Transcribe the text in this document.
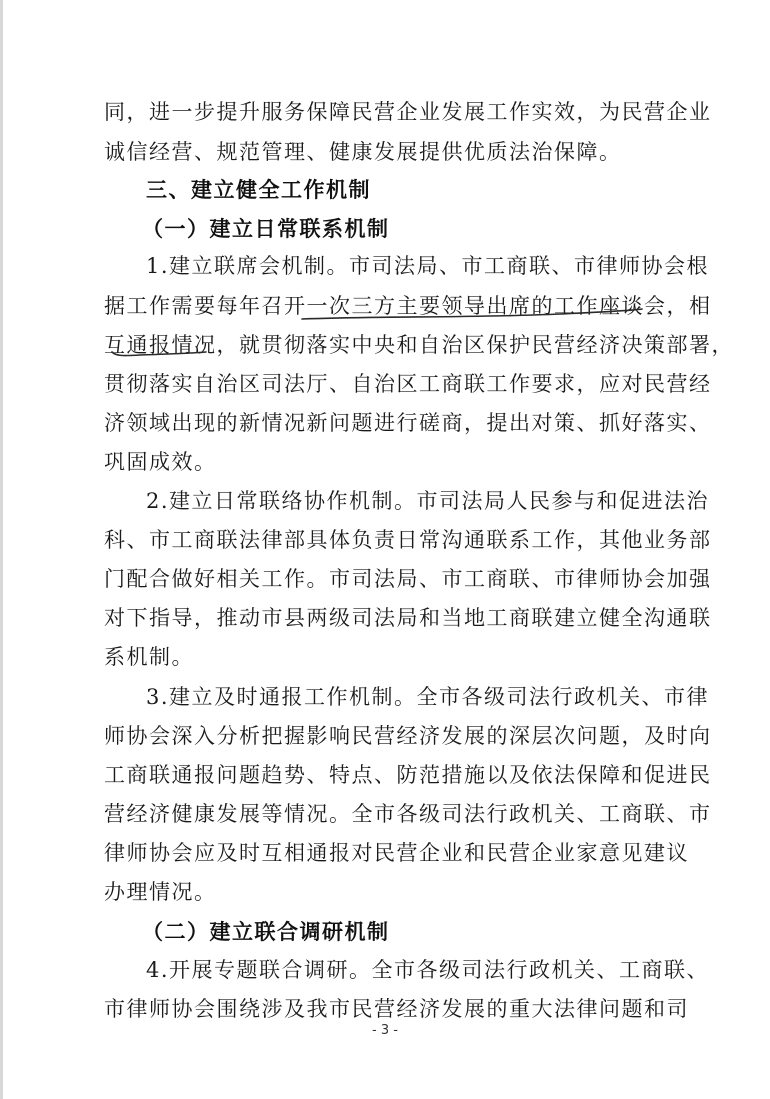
同，进一步提升服务保障民营企业发展工作实效，为民营企业
诚信经营、规范管理、健康发展提供优质法治保障。
三、建立健全工作机制
（一）建立日常联系机制
1.建立联席会机制。市司法局、市工商联、市律师协会根
据工作需要每年召开一次三方主要领导出席的工作座谈会，相
互通报情况，就贯彻落实中央和自治区保护民营经济决策部署，
贯彻落实自治区司法厅、自治区工商联工作要求，应对民营经
济领域出现的新情况新问题进行磋商，提出对策、抓好落实、
巩固成效。
2.建立日常联络协作机制。市司法局人民参与和促进法治
科、市工商联法律部具体负责日常沟通联系工作，其他业务部
门配合做好相关工作。市司法局、市工商联、市律师协会加强
对下指导，推动市县两级司法局和当地工商联建立健全沟通联
系机制。
3.建立及时通报工作机制。全市各级司法行政机关、市律
师协会深入分析把握影响民营经济发展的深层次问题，及时向
工商联通报问题趋势、特点、防范措施以及依法保障和促进民
营经济健康发展等情况。全市各级司法行政机关、工商联、市
律师协会应及时互相通报对民营企业和民营企业家意见建议
办理情况。
（二）建立联合调研机制
4.开展专题联合调研。全市各级司法行政机关、工商联、
市律师协会围绕涉及我市民营经济发展的重大法律问题和司
- 3 -
